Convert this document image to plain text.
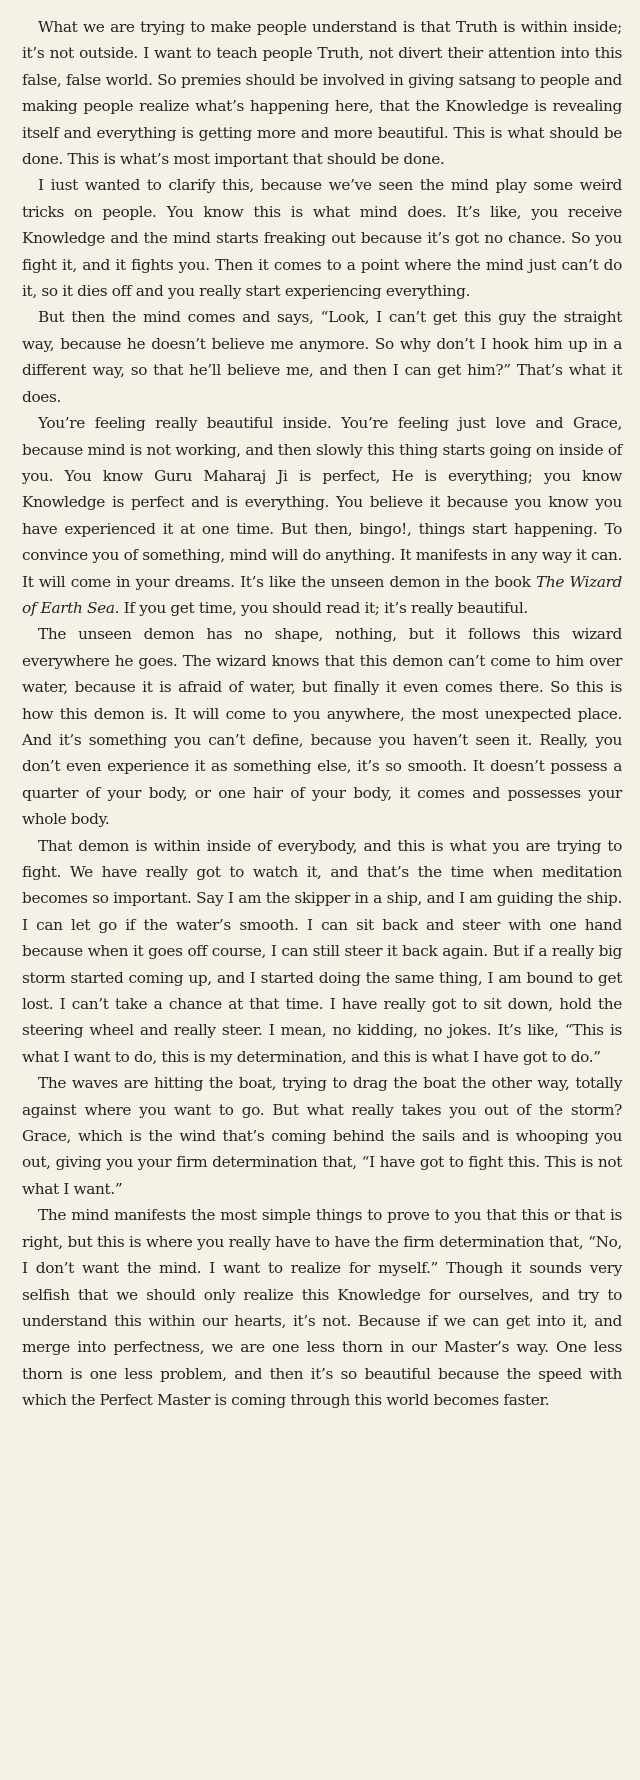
What we are trying to make people understand is that Truth is within inside; it’s not outside. I want to teach people Truth, not divert their attention into this false, false world. So premies should be involved in giving satsang to people and making people realize what’s happening here, that the Knowledge is revealing itself and everything is getting more and more beautiful. This is what should be done. This is what’s most important that should be done.

I iust wanted to clarify this, because we’ve seen the mind play some weird tricks on people. You know this is what mind does. It’s like, you receive Knowledge and the mind starts freaking out because it’s got no chance. So you fight it, and it fights you. Then it comes to a point where the mind just can’t do it, so it dies off and you really start experiencing everything.

But then the mind comes and says, “Look, I can’t get this guy the straight way, because he doesn’t believe me anymore. So why don’t I hook him up in a different way, so that he’ll believe me, and then I can get him?” That’s what it does.

You’re feeling really beautiful inside. You’re feeling just love and Grace, because mind is not working, and then slowly this thing starts going on inside of you. You know Guru Maharaj Ji is perfect, He is everything; you know Knowledge is perfect and is everything. You believe it because you know you have experienced it at one time. But then, bingo!, things start happening. To convince you of something, mind will do anything. It manifests in any way it can. It will come in your dreams. It’s like the unseen demon in the book The Wizard of Earth Sea. If you get time, you should read it; it’s really beautiful.

The unseen demon has no shape, nothing, but it follows this wizard everywhere he goes. The wizard knows that this demon can’t come to him over water, because it is afraid of water, but finally it even comes there. So this is how this demon is. It will come to you anywhere, the most unexpected place. And it’s something you can’t define, because you haven’t seen it. Really, you don’t even experience it as something else, it’s so smooth. It doesn’t possess a quarter of your body, or one hair of your body, it comes and possesses your whole body.

That demon is within inside of everybody, and this is what you are trying to fight. We have really got to watch it, and that’s the time when meditation becomes so important. Say I am the skipper in a ship, and I am guiding the ship. I can let go if the water’s smooth. I can sit back and steer with one hand because when it goes off course, I can still steer it back again. But if a really big storm started coming up, and I started doing the same thing, I am bound to get lost. I can’t take a chance at that time. I have really got to sit down, hold the steering wheel and really steer. I mean, no kidding, no jokes. It’s like, “This is what I want to do, this is my determination, and this is what I have got to do.”

The waves are hitting the boat, trying to drag the boat the other way, totally against where you want to go. But what really takes you out of the storm? Grace, which is the wind that’s coming behind the sails and is whooping you out, giving you your firm determination that, “I have got to fight this. This is not what I want.”

The mind manifests the most simple things to prove to you that this or that is right, but this is where you really have to have the firm determination that, “No, I don’t want the mind. I want to realize for myself.” Though it sounds very selfish that we should only realize this Knowledge for ourselves, and try to understand this within our hearts, it’s not. Because if we can get into it, and merge into perfectness, we are one less thorn in our Master’s way. One less thorn is one less problem, and then it’s so beautiful because the speed with which the Perfect Master is coming through this world becomes faster.
